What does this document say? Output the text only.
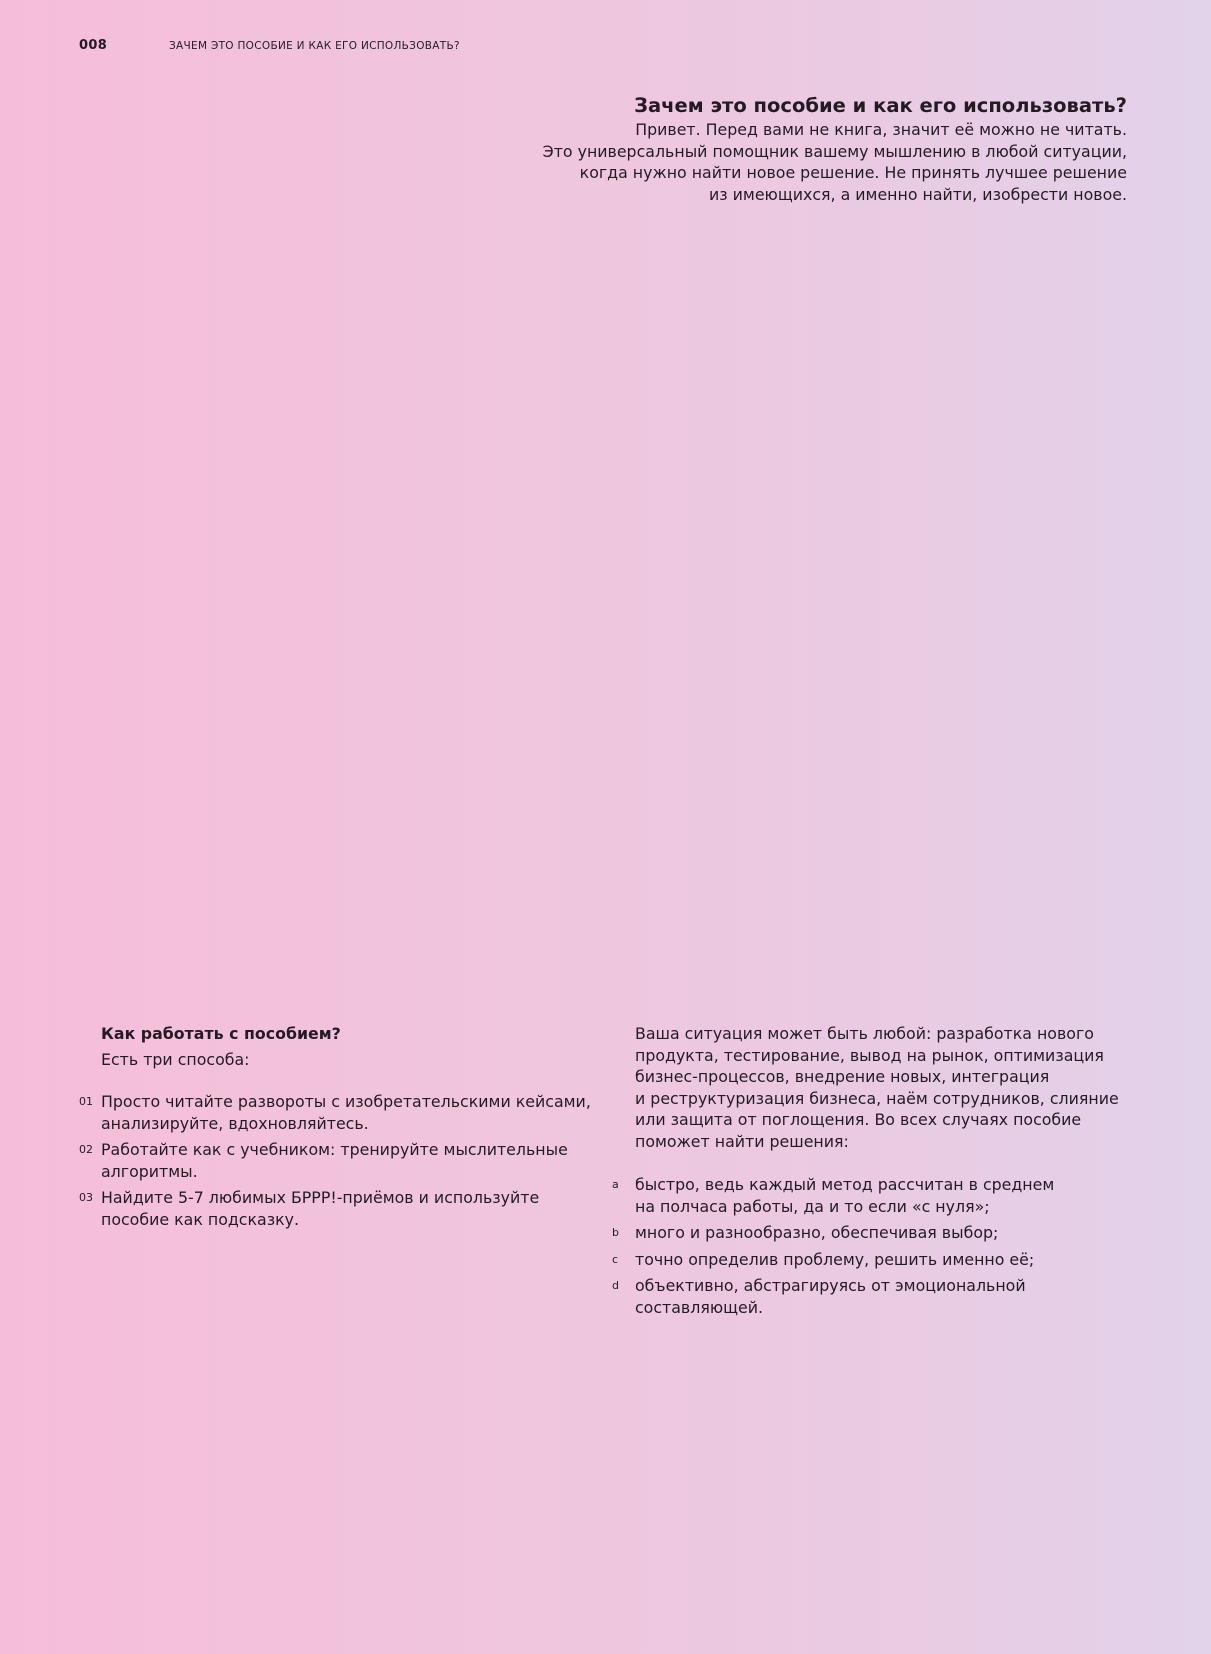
008	ЗАЧЕМ ЭТО ПОСОБИЕ И КАК ЕГО ИСПОЛЬЗОВАТЬ?
Зачем это пособие и как его использовать?

Привет. Перед вами не книга, значит её можно не читать.
Это универсальный помощник вашему мышлению в любой ситуации,
когда нужно найти новое решение. Не принять лучшее решение
из имеющихся, а именно найти, изобрести новое.

Как работать с пособием?

Есть три способа:

01 Просто читайте развороты с изобретательскими кейсами,
анализируйте, вдохновляйтесь.
02 Работайте как с учебником: тренируйте мыслительные
алгоритмы.
03 Найдите 5-7 любимых БРРР!-приёмов и используйте
пособие как подсказку.

Ваша ситуация может быть любой: разработка нового
продукта, тестирование, вывод на рынок, оптимизация
бизнес-процессов, внедрение новых, интеграция
и реструктуризация бизнеса, наём сотрудников, слияние
или защита от поглощения. Во всех случаях пособие
поможет найти решения:

a	быстро, ведь каждый метод рассчитан в среднем
на полчаса работы, да и то если «с нуля»;
b	много и разнообразно, обеспечивая выбор;
c	точно определив проблему, решить именно её;
d	объективно, абстрагируясь от эмоциональной
составляющей.
